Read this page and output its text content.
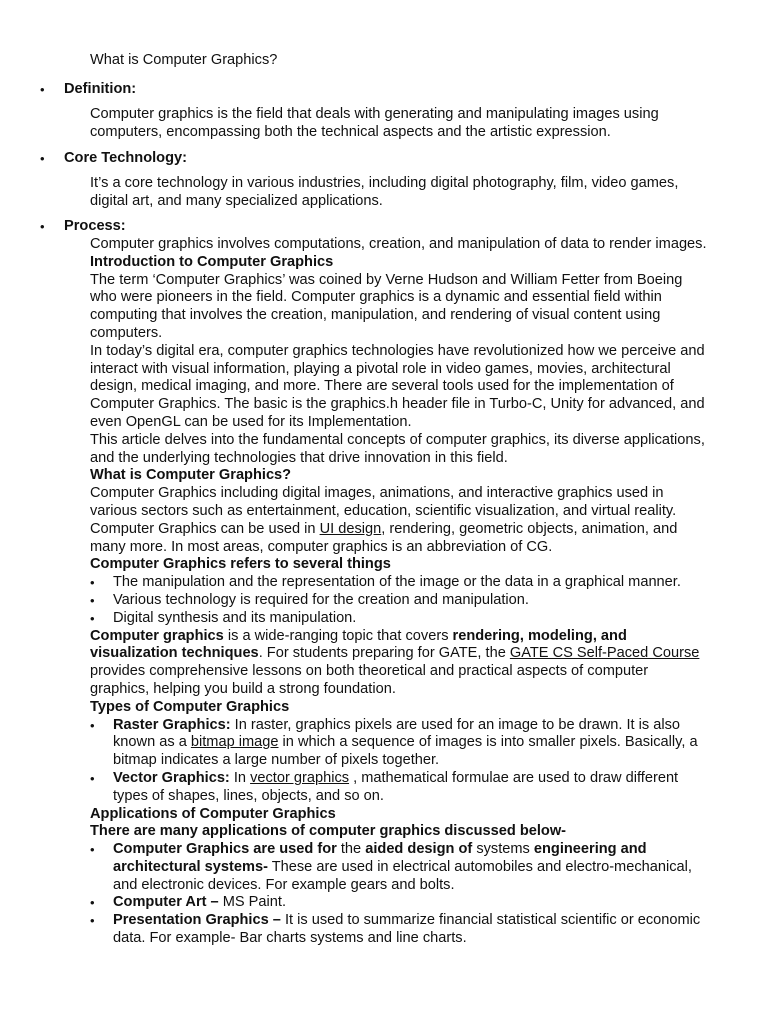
What is Computer Graphics?
• Definition:
Computer graphics is the field that deals with generating and manipulating images using computers, encompassing both the technical aspects and the artistic expression.
• Core Technology:
It’s a core technology in various industries, including digital photography, film, video games, digital art, and many specialized applications.
• Process:

Computer graphics involves computations, creation, and manipulation of data to render images.

Introduction to Computer Graphics

The term ‘Computer Graphics’ was coined by Verne Hudson and William Fetter from Boeing who were pioneers in the field. Computer graphics is a dynamic and essential field within computing that involves the creation, manipulation, and rendering of visual content using computers.

In today’s digital era, computer graphics technologies have revolutionized how we perceive and interact with visual information, playing a pivotal role in video games, movies, architectural design, medical imaging, and more. There are several tools used for the implementation of Computer Graphics. The basic is the graphics.h header file in Turbo-C, Unity for advanced, and even OpenGL can be used for its Implementation.

This article delves into the fundamental concepts of computer graphics, its diverse applications, and the underlying technologies that drive innovation in this field.

What is Computer Graphics?

Computer Graphics including digital images, animations, and interactive graphics used in various sectors such as entertainment, education, scientific visualization, and virtual reality.

Computer Graphics can be used in UI design, rendering, geometric objects, animation, and many more. In most areas, computer graphics is an abbreviation of CG.

Computer Graphics refers to several things

• The manipulation and the representation of the image or the data in a graphical manner.
• Various technology is required for the creation and manipulation.
• Digital synthesis and its manipulation.

Computer graphics is a wide-ranging topic that covers rendering, modeling, and visualization techniques. For students preparing for GATE, the GATE CS Self-Paced Course provides comprehensive lessons on both theoretical and practical aspects of computer graphics, helping you build a strong foundation.

Types of Computer Graphics

• Raster Graphics: In raster, graphics pixels are used for an image to be drawn. It is also known as a bitmap image in which a sequence of images is into smaller pixels. Basically, a bitmap indicates a large number of pixels together.
• Vector Graphics: In vector graphics , mathematical formulae are used to draw different types of shapes, lines, objects, and so on.

Applications of Computer Graphics

There are many applications of computer graphics discussed below-

• Computer Graphics are used for the aided design of systems engineering and architectural systems- These are used in electrical automobiles and electro-mechanical, and electronic devices. For example gears and bolts.
• Computer Art – MS Paint.
• Presentation Graphics – It is used to summarize financial statistical scientific or economic data. For example- Bar charts systems and line charts.
